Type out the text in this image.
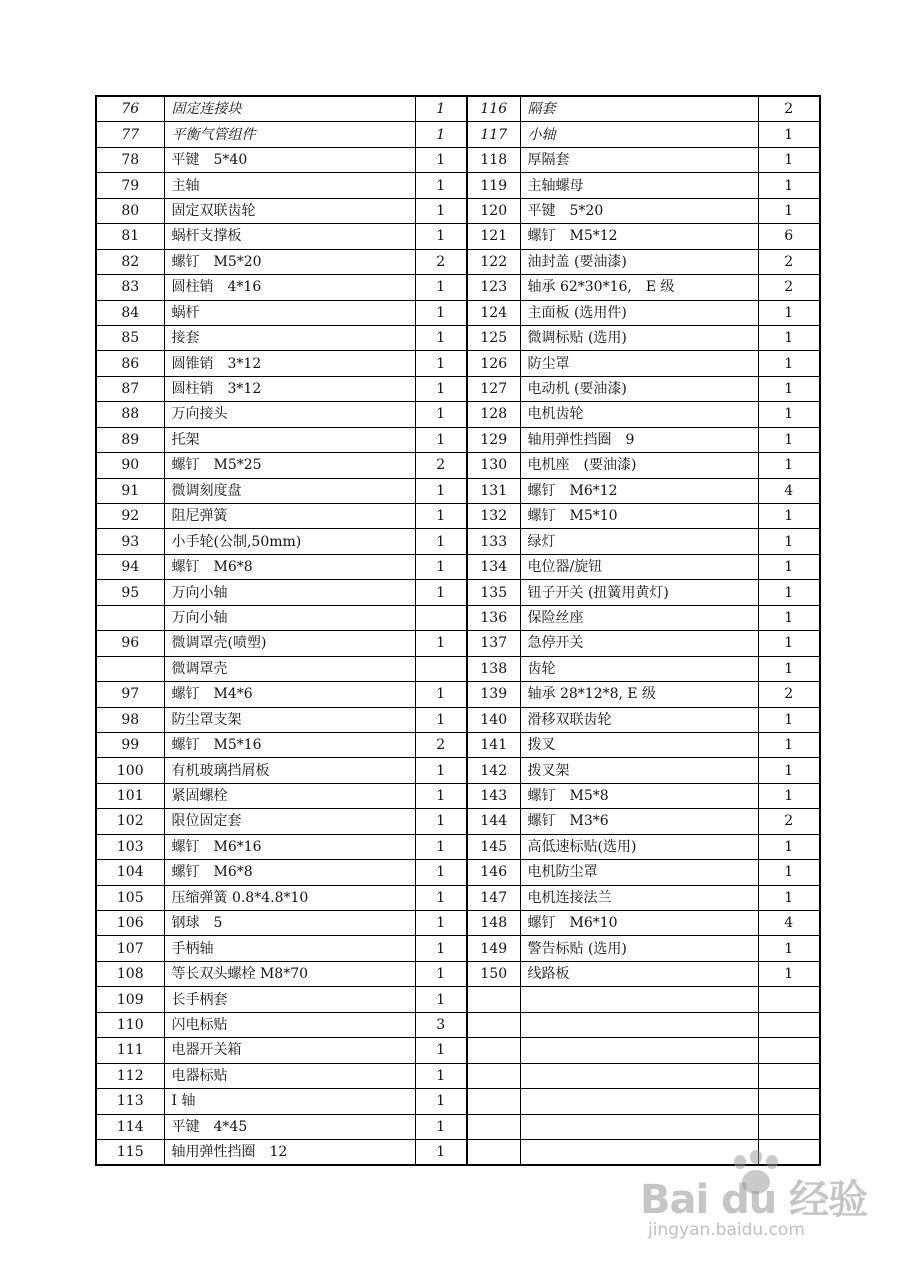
76	固定连接块	1	116	隔套	2
77	平衡气管组件	1	117	小轴	1
78	平键　5*40	1	118	厚隔套	1
79	主轴	1	119	主轴螺母	1
80	固定双联齿轮	1	120	平键　5*20	1
81	蜗杆支撑板	1	121	螺钉　M5*12	6
82	螺钉　M5*20	2	122	油封盖 (要油漆)	2
83	圆柱销　4*16	1	123	轴承 62*30*16,　E 级	2
84	蜗杆	1	124	主面板 (选用件)	1
85	接套	1	125	微调标贴 (选用)	1
86	圆锥销　3*12	1	126	防尘罩	1
87	圆柱销　3*12	1	127	电动机 (要油漆)	1
88	万向接头	1	128	电机齿轮	1
89	托架	1	129	轴用弹性挡圈　9	1
90	螺钉　M5*25	2	130	电机座　(要油漆)	1
91	微调刻度盘	1	131	螺钉　M6*12	4
92	阻尼弹簧	1	132	螺钉　M5*10	1
93	小手轮(公制,50mm)	1	133	绿灯	1
94	螺钉　M6*8	1	134	电位器/旋钮	1
95	万向小轴	1	135	钮子开关 (扭簧用黄灯)	1
	万向小轴		136	保险丝座	1
96	微调罩壳(喷塑)	1	137	急停开关	1
	微调罩壳		138	齿轮	1
97	螺钉　M4*6	1	139	轴承 28*12*8, E 级	2
98	防尘罩支架	1	140	滑移双联齿轮	1
99	螺钉　M5*16	2	141	拨叉	1
100	有机玻璃挡屑板	1	142	拨叉架	1
101	紧固螺栓	1	143	螺钉　M5*8	1
102	限位固定套	1	144	螺钉　M3*6	2
103	螺钉　M6*16	1	145	高低速标贴(选用)	1
104	螺钉　M6*8	1	146	电机防尘罩	1
105	压缩弹簧 0.8*4.8*10	1	147	电机连接法兰	1
106	钢球　5	1	148	螺钉　M6*10	4
107	手柄轴	1	149	警告标贴 (选用)	1
108	等长双头螺栓 M8*70	1	150	线路板	1
109	长手柄套	1			
110	闪电标贴	3			
111	电器开关箱	1			
112	电器标贴	1			
113	I 轴	1			
114	平键　4*45	1			
115	轴用弹性挡圈　12	1			
Bai du 经验
jingyan.baidu.com
